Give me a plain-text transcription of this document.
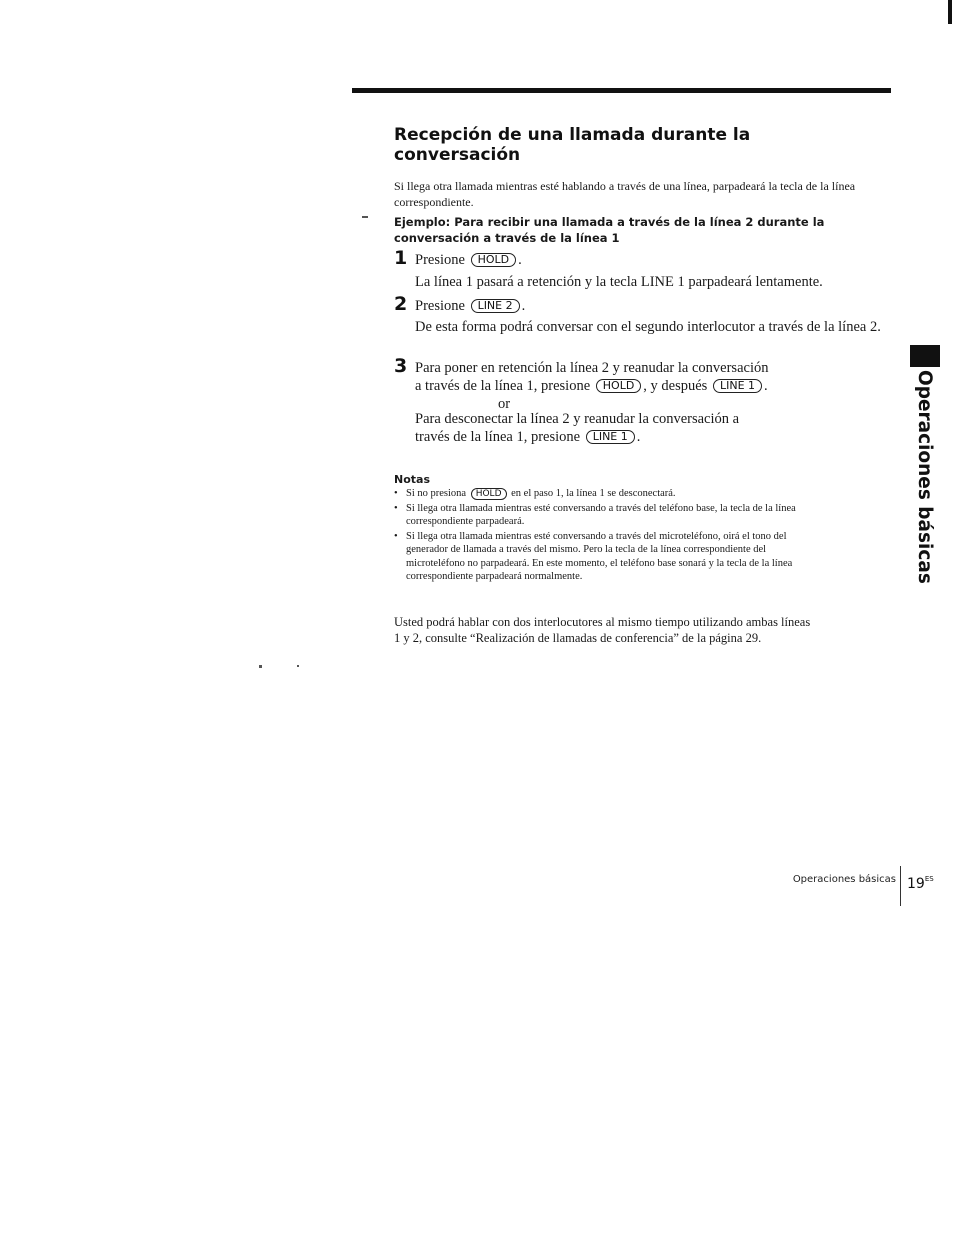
Recepción de una llamada durante la conversación
Si llega otra llamada mientras esté hablando a través de una línea, parpadeará la tecla de la línea correspondiente.
Ejemplo: Para recibir una llamada a través de la línea 2 durante la conversación a través de la línea 1
1 Presione HOLD .
La línea 1 pasará a retención y la tecla LINE 1 parpadeará lentamente.
2 Presione LINE 2 .
De esta forma podrá conversar con el segundo interlocutor a través de la línea 2.
3 Para poner en retención la línea 2 y reanudar la conversación
a través de la línea 1, presione HOLD , y después LINE 1 .
or
Para desconectar la línea 2 y reanudar la conversación a
través de la línea 1, presione LINE 1 .
Notas
• Si no presiona HOLD en el paso 1, la línea 1 se desconectará.
• Si llega otra llamada mientras esté conversando a través del teléfono base, la tecla de la línea correspondiente parpadeará.
• Si llega otra llamada mientras esté conversando a través del microteléfono, oirá el tono del generador de llamada a través del mismo. Pero la tecla de la línea correspondiente del microteléfono no parpadeará. En este momento, el teléfono base sonará y la tecla de la línea correspondiente parpadeará normalmente.
Usted podrá hablar con dos interlocutores al mismo tiempo utilizando ambas líneas 1 y 2, consulte “Realización de llamadas de conferencia” de la página 29.
Operaciones básicas
Operaciones básicas $19^{ES}$
